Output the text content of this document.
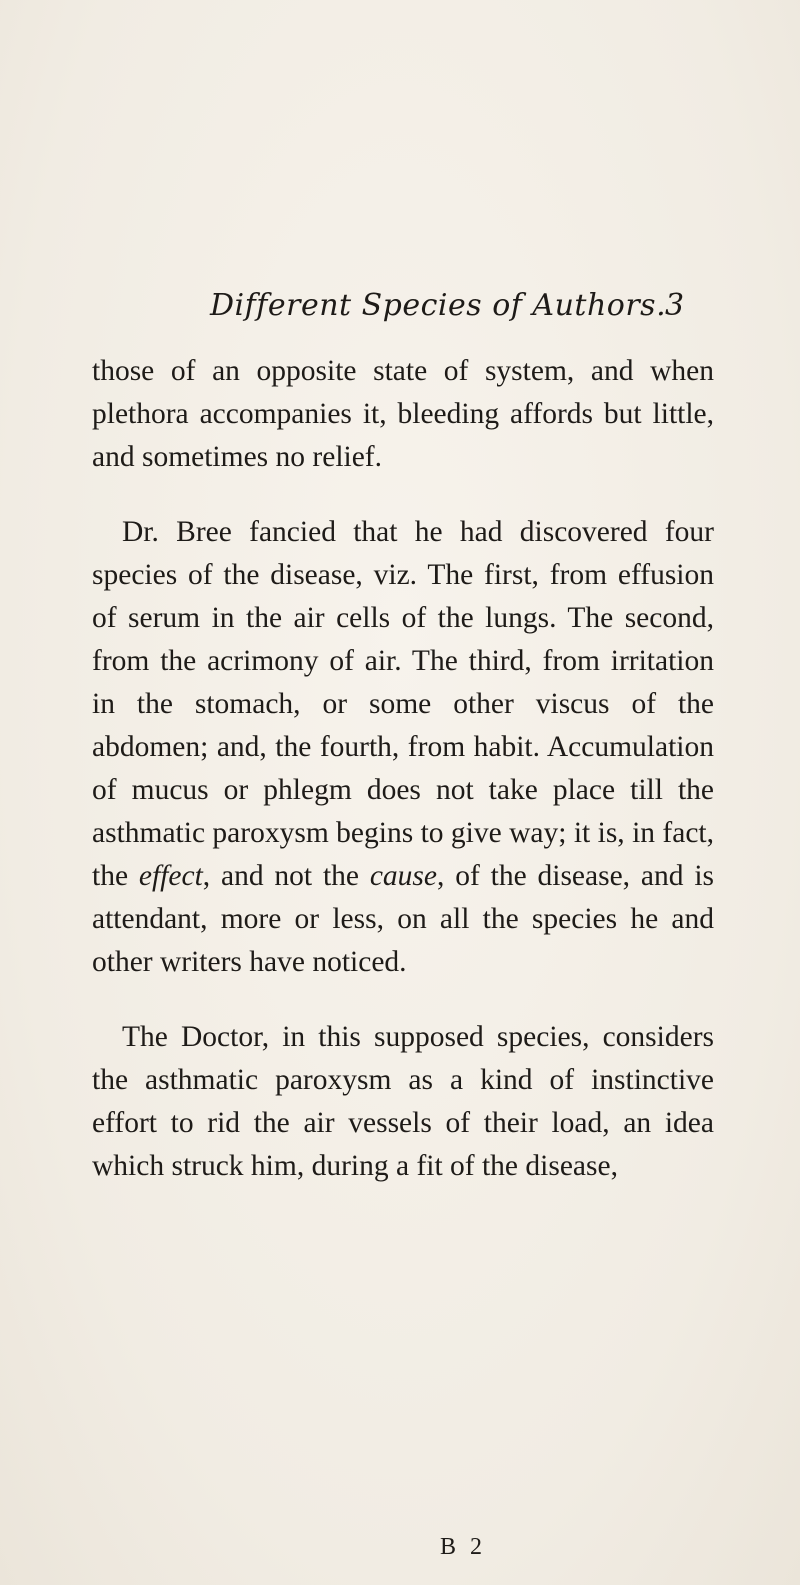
Different Species of Authors.
3

those of an opposite state of system, and when plethora accompanies it, bleeding affords but little, and sometimes no relief.

Dr. Bree fancied that he had discovered four species of the disease, viz. The first, from effusion of serum in the air cells of the lungs. The second, from the acrimony of air. The third, from irritation in the stomach, or some other viscus of the abdomen; and, the fourth, from habit. Accumulation of mucus or phlegm does not take place till the asthmatic paroxysm begins to give way; it is, in fact, the effect, and not the cause, of the disease, and is attendant, more or less, on all the species he and other writers have noticed.

The Doctor, in this supposed species, considers the asthmatic paroxysm as a kind of instinctive effort to rid the air vessels of their load, an idea which struck him, during a fit of the disease,

B 2
